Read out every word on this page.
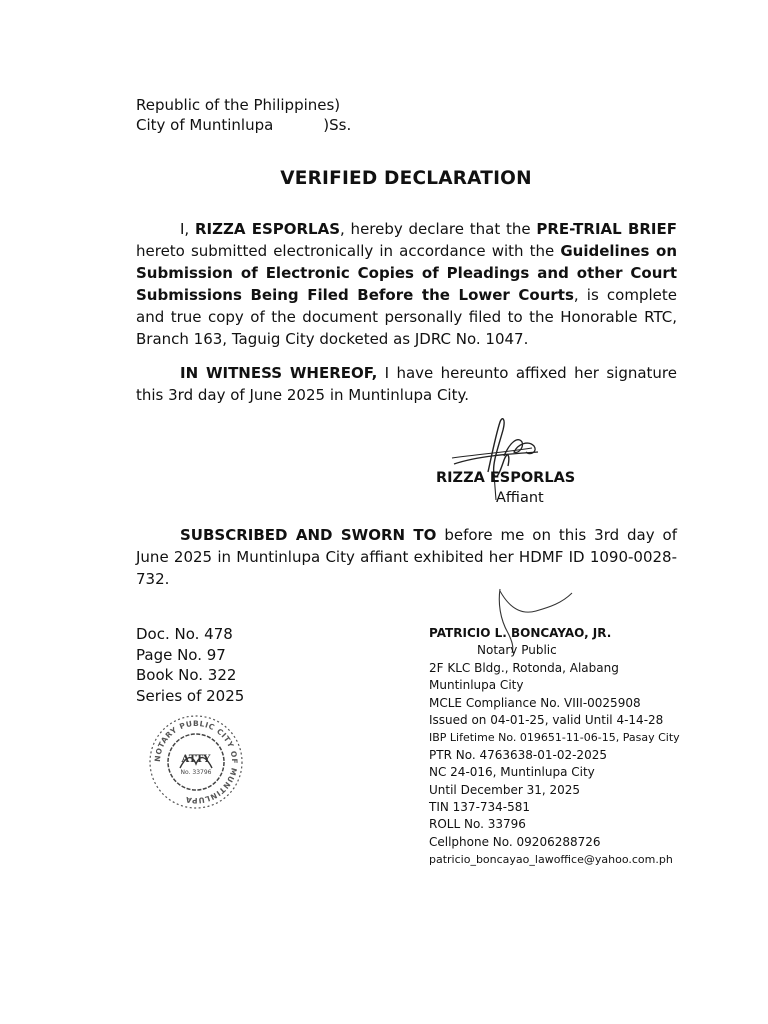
Republic of the Philippines)
City of Muntinlupa	)Ss.
VERIFIED DECLARATION
I, RIZZA ESPORLAS, hereby declare that the PRE-TRIAL BRIEF hereto submitted electronically in accordance with the Guidelines on Submission of Electronic Copies of Pleadings and other Court Submissions Being Filed Before the Lower Courts, is complete and true copy of the document personally filed to the Honorable RTC, Branch 163, Taguig City docketed as JDRC No. 1047.
IN WITNESS WHEREOF, I have hereunto affixed her signature this 3rd day of June 2025 in Muntinlupa City.
RIZZA ESPORLAS
Affiant
SUBSCRIBED AND SWORN TO before me on this 3rd day of June 2025 in Muntinlupa City affiant exhibited her HDMF ID 1090-0028-732.
Doc. No. 478
Page No. 97
Book No. 322
Series of 2025
PATRICIO L. BONCAYAO, JR.
Notary Public
2F KLC Bldg., Rotonda, Alabang
Muntinlupa City
MCLE Compliance No. VIII-0025908
Issued on 04-01-25, valid Until 4-14-28
IBP Lifetime No. 019651-11-06-15, Pasay City
PTR No. 4763638-01-02-2025
NC 24-016, Muntinlupa City
Until December 31, 2025
TIN 137-734-581
ROLL No. 33796
Cellphone No. 09206288726
patricio_boncayao_lawoffice@yahoo.com.ph
NOTARY PUBLIC CITY OF MUNTINLUPA
ATTY
No. 33796
